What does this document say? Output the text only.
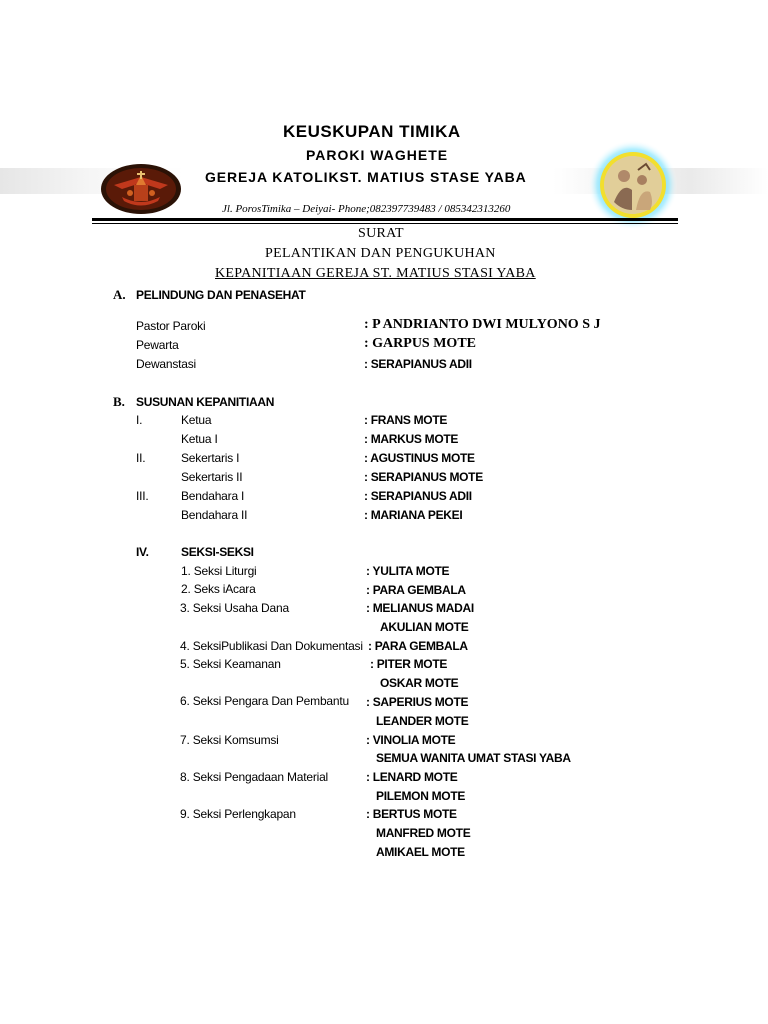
KEUSKUPAN TIMIKA
PAROKI WAGHETE
GEREJA KATOLIKST. MATIUS STASE YABA
Jl. PorosTimika – Deiyai- Phone;082397739483 / 085342313260
SURAT
PELANTIKAN DAN PENGUKUHAN
KEPANITIAAN GEREJA ST. MATIUS STASI YABA
A. PELINDUNG DAN PENASEHAT
Pastor Paroki	: P ANDRIANTO DWI MULYONO S J
Pewarta	: GARPUS MOTE
Dewanstasi	: SERAPIANUS ADII
B. SUSUNAN KEPANITIAAN
I.	Ketua	: FRANS MOTE
Ketua I	: MARKUS MOTE
II.	Sekertaris I	: AGUSTINUS MOTE
Sekertaris II	: SERAPIANUS MOTE
III.	Bendahara I	: SERAPIANUS ADII
Bendahara II	: MARIANA PEKEI
IV.	SEKSI-SEKSI
1. Seksi Liturgi	: YULITA MOTE
2. Seks iAcara	: PARA GEMBALA
3. Seksi Usaha Dana	: MELIANUS MADAI
AKULIAN MOTE
4. SeksiPublikasi Dan Dokumentasi : PARA GEMBALA
5. Seksi Keamanan	: PITER MOTE
OSKAR MOTE
6. Seksi Pengara Dan Pembantu : SAPERIUS MOTE
LEANDER MOTE
7. Seksi Komsumsi	: VINOLIA MOTE
SEMUA WANITA UMAT STASI YABA
8. Seksi Pengadaan Material	: LENARD MOTE
PILEMON MOTE
9. Seksi Perlengkapan	: BERTUS MOTE
MANFRED MOTE
AMIKAEL MOTE
